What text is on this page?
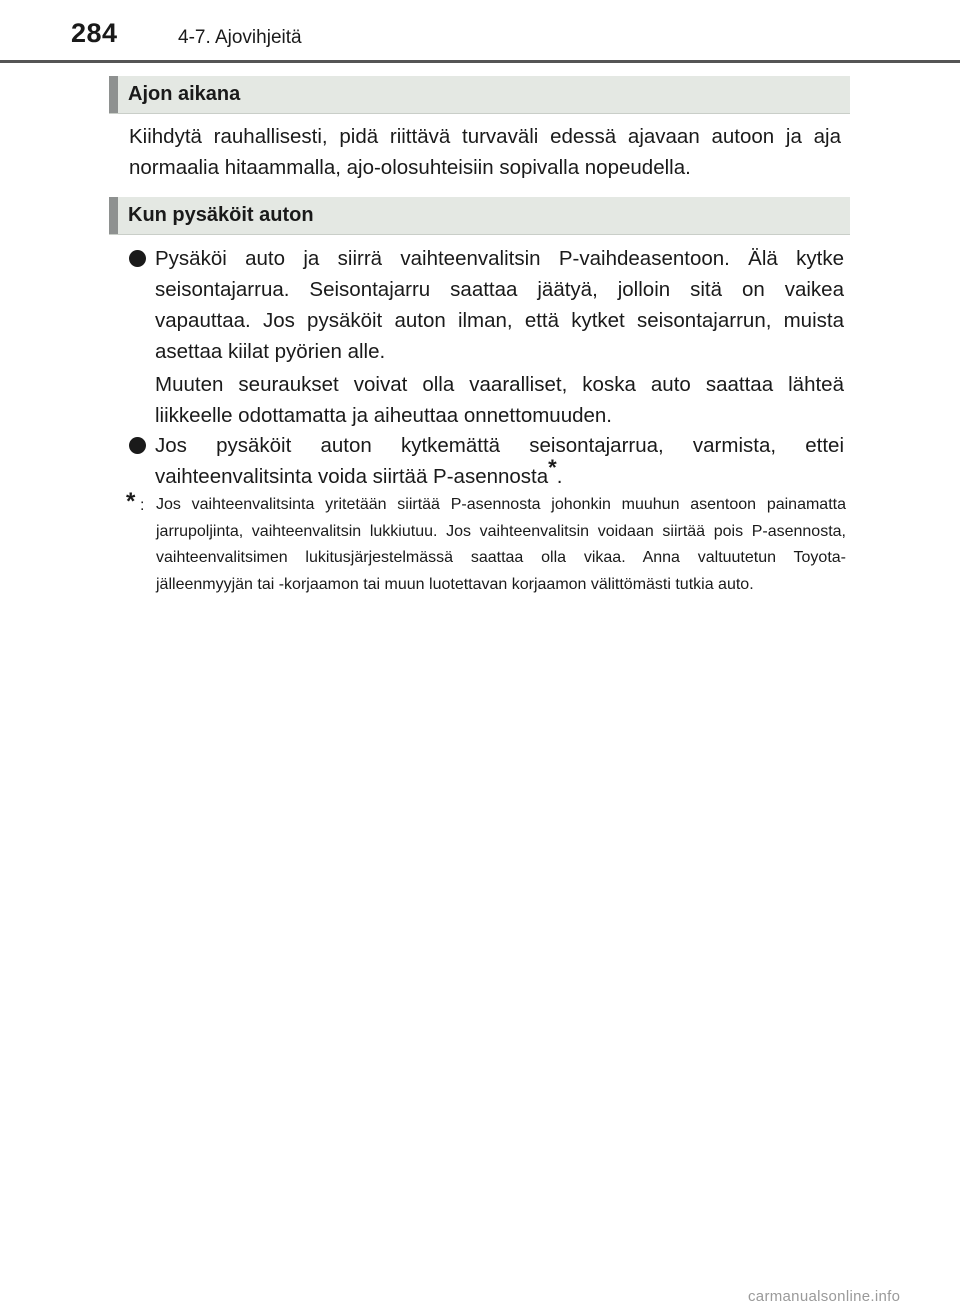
284	4-7. Ajovihjeitä
Ajon aikana

Kiihdytä rauhallisesti, pidä riittävä turvaväli edessä ajavaan autoon ja aja normaalia hitaammalla, ajo-olosuhteisiin sopivalla nopeudella.

Kun pysäköit auton

Pysäköi auto ja siirrä vaihteenvalitsin P-vaihdeasentoon. Älä kytke seisontajarrua. Seisontajarru saattaa jäätyä, jolloin sitä on vaikea vapauttaa. Jos pysäköit auton ilman, että kytket seisontajarrun, muista asettaa kiilat pyörien alle.

Muuten seuraukset voivat olla vaaralliset, koska auto saattaa lähteä liikkeelle odottamatta ja aiheuttaa onnettomuuden.

Jos pysäköit auton kytkemättä seisontajarrua, varmista, ettei vaihteenvalitsinta voida siirtää P-asennosta*.
* : Jos vaihteenvalitsinta yritetään siirtää P-asennosta johonkin muuhun asentoon painamatta jarrupoljinta, vaihteenvalitsin lukkiutuu. Jos vaihteenvalitsin voidaan siirtää pois P-asennosta, vaihteenvalitsimen lukitusjärjestelmässä saattaa olla vikaa. Anna valtuutetun Toyota-jälleenmyyjän tai -korjaamon tai muun luotettavan korjaamon välittömästi tutkia auto.
carmanualsonline.info
